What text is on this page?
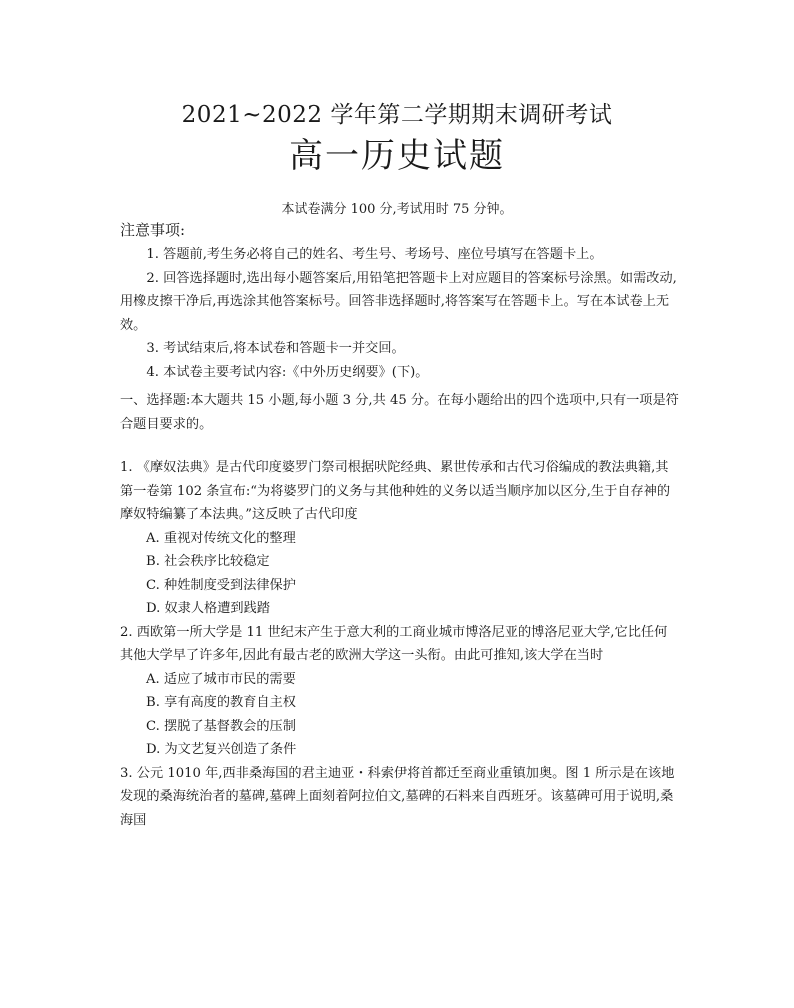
2021~2022 学年第二学期期末调研考试
高一历史试题
本试卷满分 100 分,考试用时 75 分钟。
注意事项:

1. 答题前,考生务必将自己的姓名、考生号、考场号、座位号填写在答题卡上。

2. 回答选择题时,选出每小题答案后,用铅笔把答题卡上对应题目的答案标号涂黑。如需改动,用橡皮擦干净后,再选涂其他答案标号。回答非选择题时,将答案写在答题卡上。写在本试卷上无效。

3. 考试结束后,将本试卷和答题卡一并交回。

4. 本试卷主要考试内容:《中外历史纲要》(下)。

一、选择题:本大题共 15 小题,每小题 3 分,共 45 分。在每小题给出的四个选项中,只有一项是符合题目要求的。

1. 《摩奴法典》是古代印度婆罗门祭司根据吠陀经典、累世传承和古代习俗编成的教法典籍,其第一卷第 102 条宣布:“为将婆罗门的义务与其他种姓的义务以适当顺序加以区分,生于自存神的摩奴特编纂了本法典。”这反映了古代印度

A. 重视对传统文化的整理
B. 社会秩序比较稳定
C. 种姓制度受到法律保护
D. 奴隶人格遭到践踏

2. 西欧第一所大学是 11 世纪末产生于意大利的工商业城市博洛尼亚的博洛尼亚大学,它比任何其他大学早了许多年,因此有最古老的欧洲大学这一头衔。由此可推知,该大学在当时

A. 适应了城市市民的需要
B. 享有高度的教育自主权
C. 摆脱了基督教会的压制
D. 为文艺复兴创造了条件

3. 公元 1010 年,西非桑海国的君主迪亚・科索伊将首都迁至商业重镇加奥。图 1 所示是在该地发现的桑海统治者的墓碑,墓碑上面刻着阿拉伯文,墓碑的石料来自西班牙。该墓碑可用于说明,桑海国
